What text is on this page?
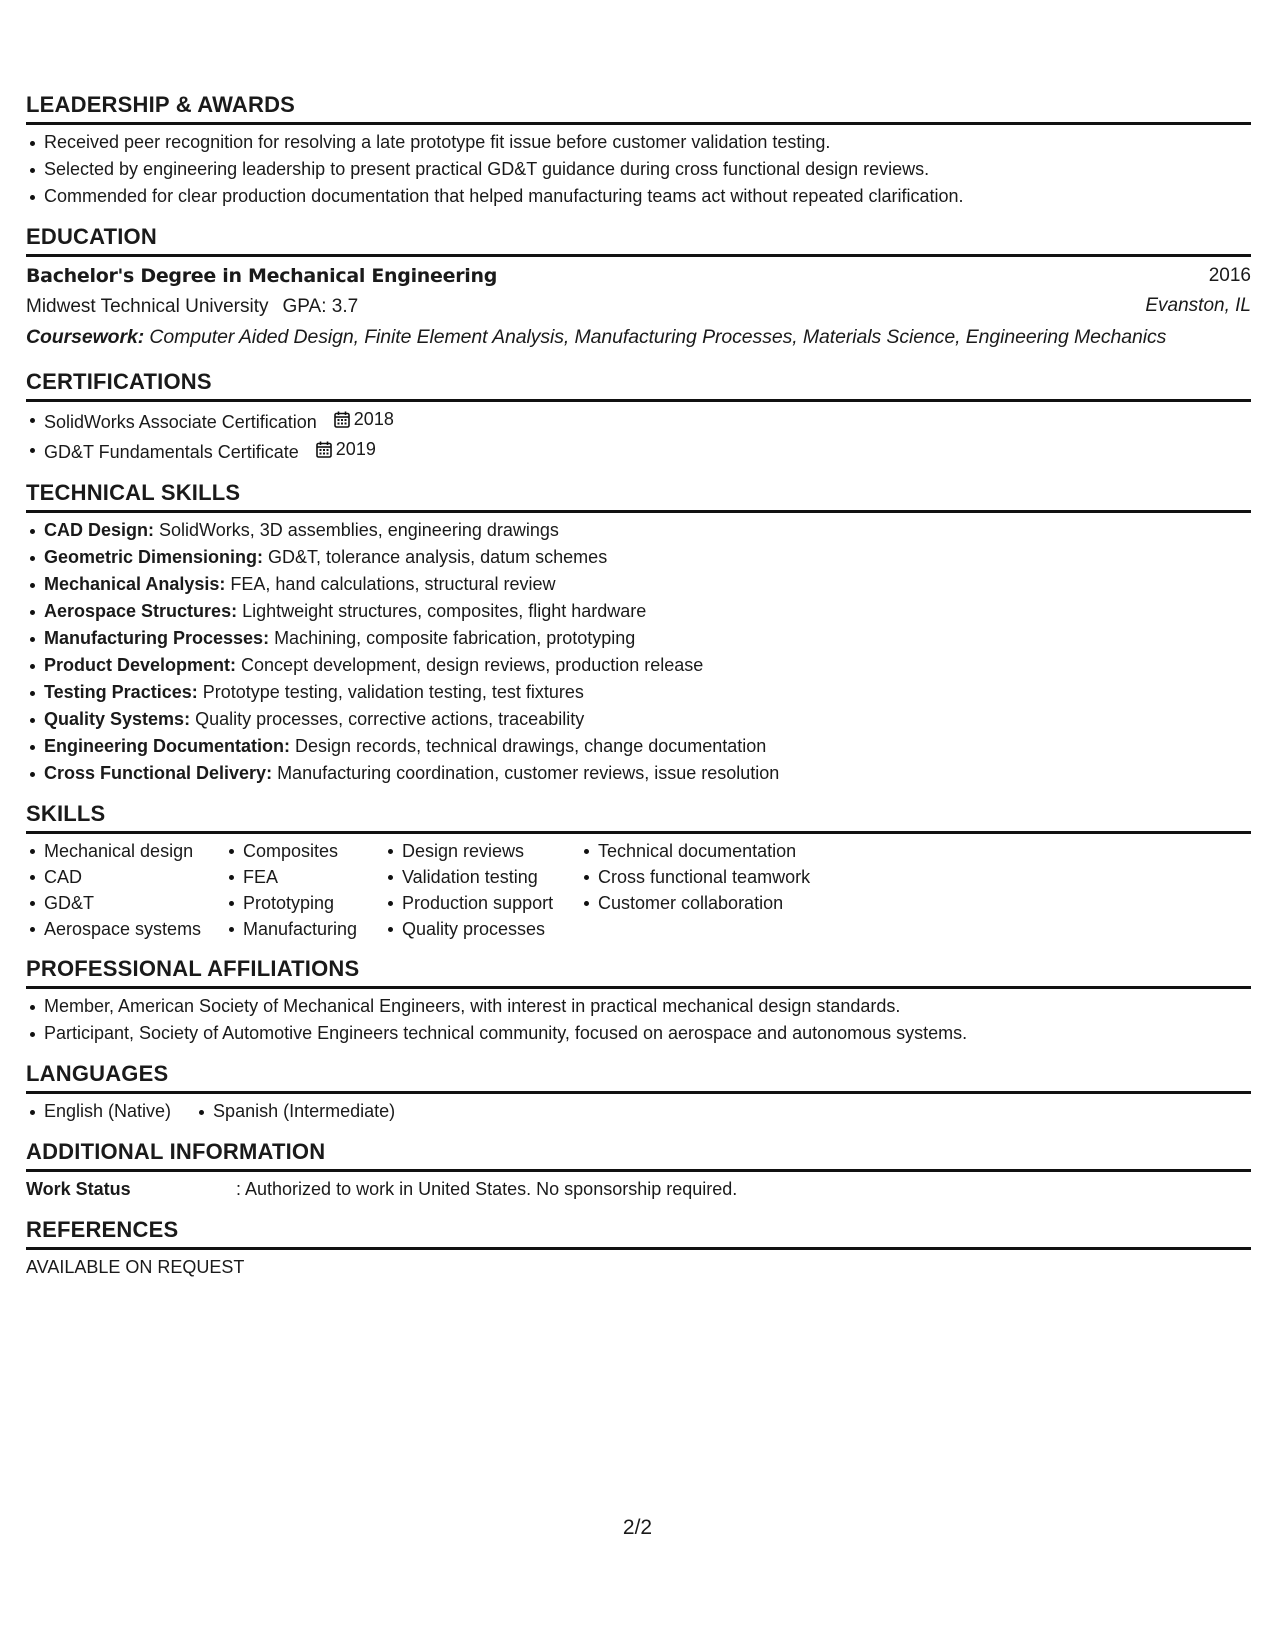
LEADERSHIP & AWARDS
Received peer recognition for resolving a late prototype fit issue before customer validation testing.
Selected by engineering leadership to present practical GD&T guidance during cross functional design reviews.
Commended for clear production documentation that helped manufacturing teams act without repeated clarification.
EDUCATION
Bachelor's Degree in Mechanical Engineering	2016
Midwest Technical University GPA: 3.7	Evanston, IL
Coursework: Computer Aided Design, Finite Element Analysis, Manufacturing Processes, Materials Science, Engineering Mechanics
CERTIFICATIONS
SolidWorks Associate Certification 2018
GD&T Fundamentals Certificate 2019
TECHNICAL SKILLS
CAD Design: SolidWorks, 3D assemblies, engineering drawings
Geometric Dimensioning: GD&T, tolerance analysis, datum schemes
Mechanical Analysis: FEA, hand calculations, structural review
Aerospace Structures: Lightweight structures, composites, flight hardware
Manufacturing Processes: Machining, composite fabrication, prototyping
Product Development: Concept development, design reviews, production release
Testing Practices: Prototype testing, validation testing, test fixtures
Quality Systems: Quality processes, corrective actions, traceability
Engineering Documentation: Design records, technical drawings, change documentation
Cross Functional Delivery: Manufacturing coordination, customer reviews, issue resolution
SKILLS
Mechanical design
CAD
GD&T
Aerospace systems
Composites
FEA
Prototyping
Manufacturing
Design reviews
Validation testing
Production support
Quality processes
Technical documentation
Cross functional teamwork
Customer collaboration
PROFESSIONAL AFFILIATIONS
Member, American Society of Mechanical Engineers, with interest in practical mechanical design standards.
Participant, Society of Automotive Engineers technical community, focused on aerospace and autonomous systems.
LANGUAGES
English (Native)	Spanish (Intermediate)
ADDITIONAL INFORMATION
Work Status	: Authorized to work in United States. No sponsorship required.
REFERENCES
AVAILABLE ON REQUEST
2/2
